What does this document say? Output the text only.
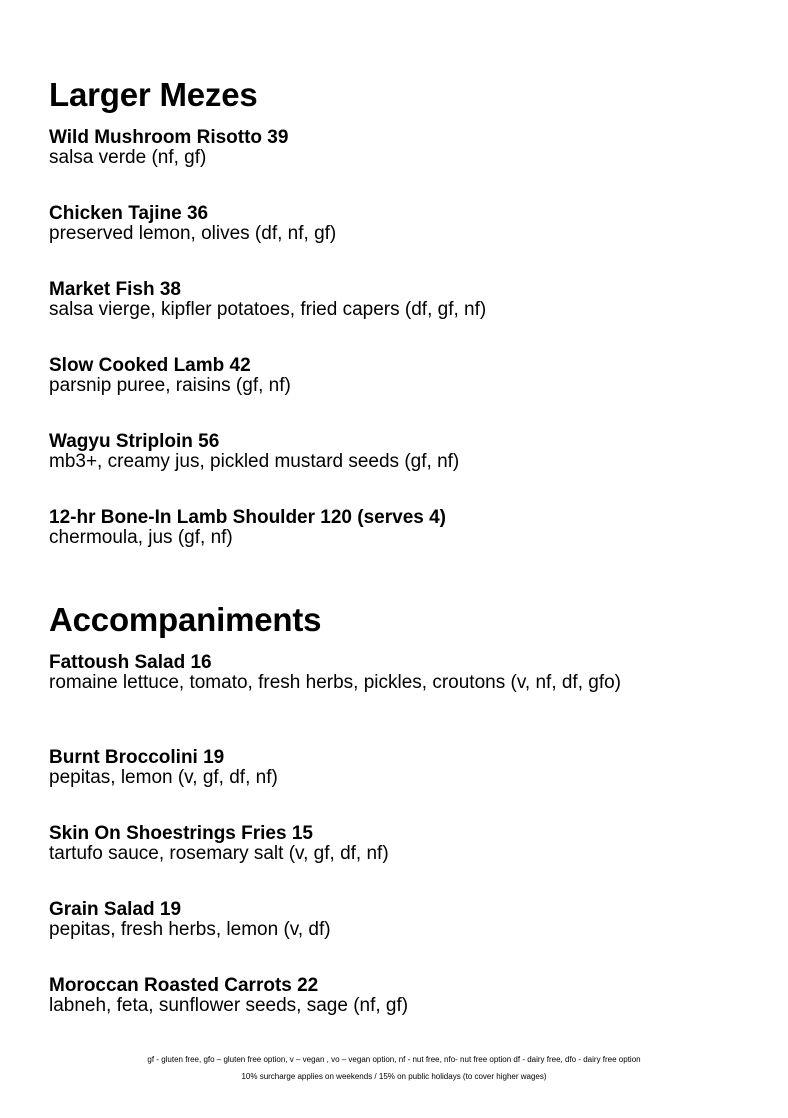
Larger Mezes

Wild Mushroom Risotto 39

salsa verde (nf, gf)

Chicken Tajine 36

preserved lemon, olives (df, nf, gf)

Market Fish 38

salsa vierge, kipfler potatoes, fried capers (df, gf, nf)

Slow Cooked Lamb 42

parsnip puree, raisins (gf, nf)

Wagyu Striploin 56

mb3+, creamy jus, pickled mustard seeds (gf, nf)

12-hr Bone-In Lamb Shoulder 120 (serves 4)

chermoula, jus (gf, nf)

Accompaniments

Fattoush Salad 16

romaine lettuce, tomato, fresh herbs, pickles, croutons (v, nf, df, gfo)

Burnt Broccolini 19

pepitas, lemon (v, gf, df, nf)

Skin On Shoestrings Fries 15

tartufo sauce, rosemary salt (v, gf, df, nf)

Grain Salad 19

pepitas, fresh herbs, lemon (v, df)

Moroccan Roasted Carrots 22

labneh, feta, sunflower seeds, sage (nf, gf)

gf - gluten free, gfo – gluten free option, v – vegan , vo – vegan option, nf - nut free, nfo- nut free option df - dairy free, dfo - dairy free option
10% surcharge applies on weekends / 15% on public holidays (to cover higher wages)
